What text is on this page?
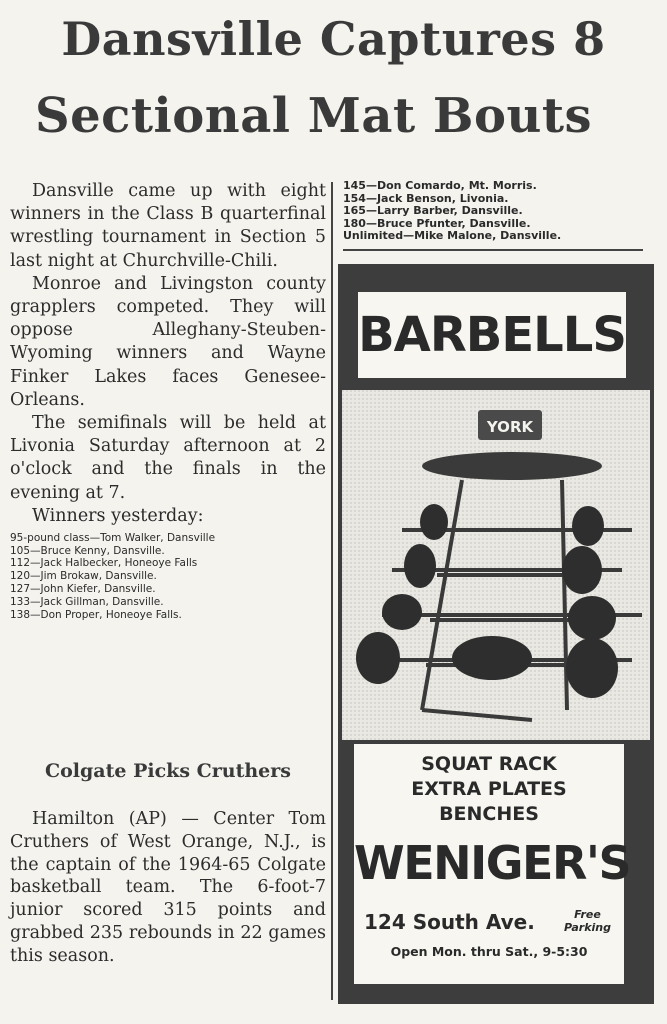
Dansville Captures 8
Sectional Mat Bouts

Dansville came up with eight winners in the Class B quarterfinal wrestling tournament in Section 5 last night at Churchville-Chili.

Monroe and Livingston county grapplers competed. They will oppose Alleghany-Steuben-Wyoming winners and Wayne Finker Lakes faces Genesee-Orleans.

The semifinals will be held at Livonia Saturday afternoon at 2 o'clock and the finals in the evening at 7.

Winners yesterday:

95-pound class—Tom Walker, Dansville
105—Bruce Kenny, Dansville.
112—Jack Halbecker, Honeoye Falls
120—Jim Brokaw, Dansville.
127—John Kiefer, Dansville.
133—Jack Gillman, Dansville.
138—Don Proper, Honeoye Falls.
Colgate Picks Cruthers

Hamilton (AP) — Center Tom Cruthers of West Orange, N.J., is the captain of the 1964-65 Colgate basketball team. The 6-foot-7 junior scored 315 points and grabbed 235 rebounds in 22 games this season.

145—Don Comardo, Mt. Morris.
154—Jack Benson, Livonia.
165—Larry Barber, Dansville.
180—Bruce Pfunter, Dansville.
Unlimited—Mike Malone, Dansville.
BARBELLS
YORK
SQUAT RACK
EXTRA PLATES
BENCHES
WENIGER'S
124 South Ave.	Free
Parking
Open Mon. thru Sat., 9-5:30
